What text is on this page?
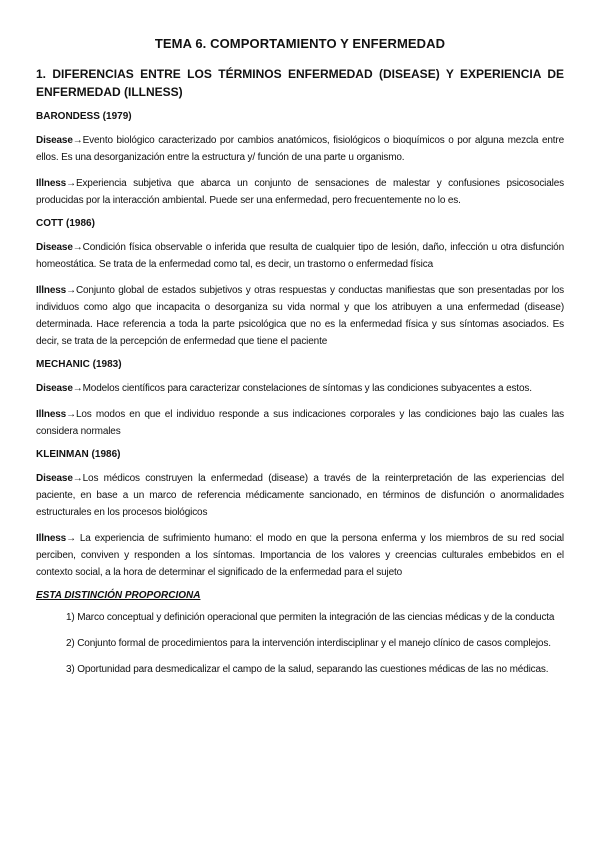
TEMA 6. COMPORTAMIENTO Y ENFERMEDAD
1. DIFERENCIAS ENTRE LOS TÉRMINOS ENFERMEDAD (DISEASE) Y EXPERIENCIA DE ENFERMEDAD (ILLNESS)
BARONDESS (1979)

Disease→Evento biológico caracterizado por cambios anatómicos, fisiológicos o bioquímicos o por alguna mezcla entre ellos. Es una desorganización entre la estructura y/ función de una parte u organismo.

Illness→Experiencia subjetiva que abarca un conjunto de sensaciones de malestar y confusiones psicosociales producidas por la interacción ambiental. Puede ser una enfermedad, pero frecuentemente no lo es.

COTT (1986)

Disease→Condición física observable o inferida que resulta de cualquier tipo de lesión, daño, infección u otra disfunción homeostática. Se trata de la enfermedad como tal, es decir, un trastorno o enfermedad física

Illness→Conjunto global de estados subjetivos y otras respuestas y conductas manifiestas que son presentadas por los individuos como algo que incapacita o desorganiza su vida normal y que los atribuyen a una enfermedad (disease) determinada. Hace referencia a toda la parte psicológica que no es la enfermedad física y sus síntomas asociados. Es decir, se trata de la percepción de enfermedad que tiene el paciente

MECHANIC (1983)

Disease→Modelos científicos para caracterizar constelaciones de síntomas y las condiciones subyacentes a estos.

Illness→Los modos en que el individuo responde a sus indicaciones corporales y las condiciones bajo las cuales las considera normales

KLEINMAN (1986)

Disease→Los médicos construyen la enfermedad (disease) a través de la reinterpretación de las experiencias del paciente, en base a un marco de referencia médicamente sancionado, en términos de disfunción o anormalidades estructurales en los procesos biológicos

Illness→ La experiencia de sufrimiento humano: el modo en que la persona enferma y los miembros de su red social perciben, conviven y responden a los síntomas. Importancia de los valores y creencias culturales embebidos en el contexto social, a la hora de determinar el significado de la enfermedad para el sujeto

ESTA DISTINCIÓN PROPORCIONA

1) Marco conceptual y definición operacional que permiten la integración de las ciencias médicas y de la conducta

2) Conjunto formal de procedimientos para la intervención interdisciplinar y el manejo clínico de casos complejos.

3) Oportunidad para desmedicalizar el campo de la salud, separando las cuestiones médicas de las no médicas.
